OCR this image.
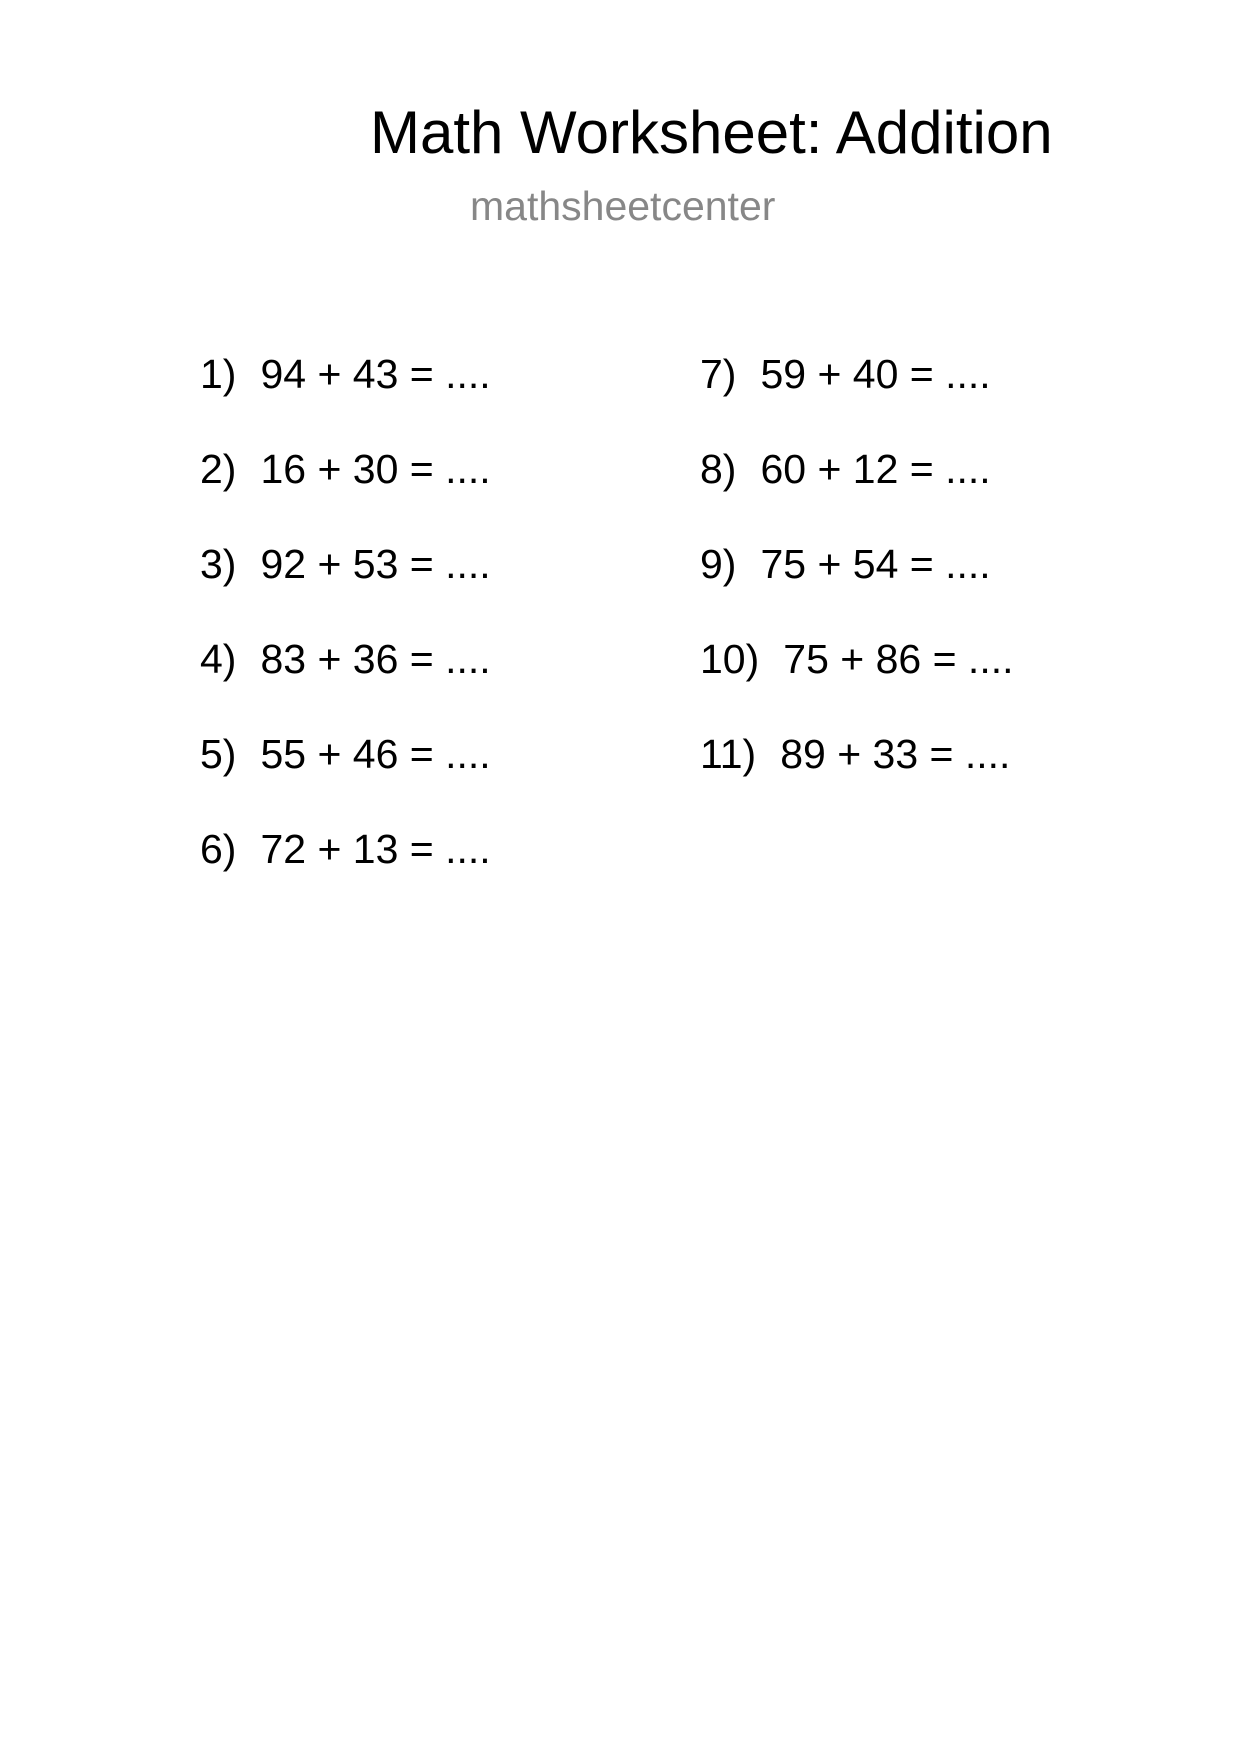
Math Worksheet: Addition
mathsheetcenter
1) 94 + 43 = ....
2) 16 + 30 = ....
3) 92 + 53 = ....
4) 83 + 36 = ....
5) 55 + 46 = ....
6) 72 + 13 = ....
7) 59 + 40 = ....
8) 60 + 12 = ....
9) 75 + 54 = ....
10) 75 + 86 = ....
11) 89 + 33 = ....
